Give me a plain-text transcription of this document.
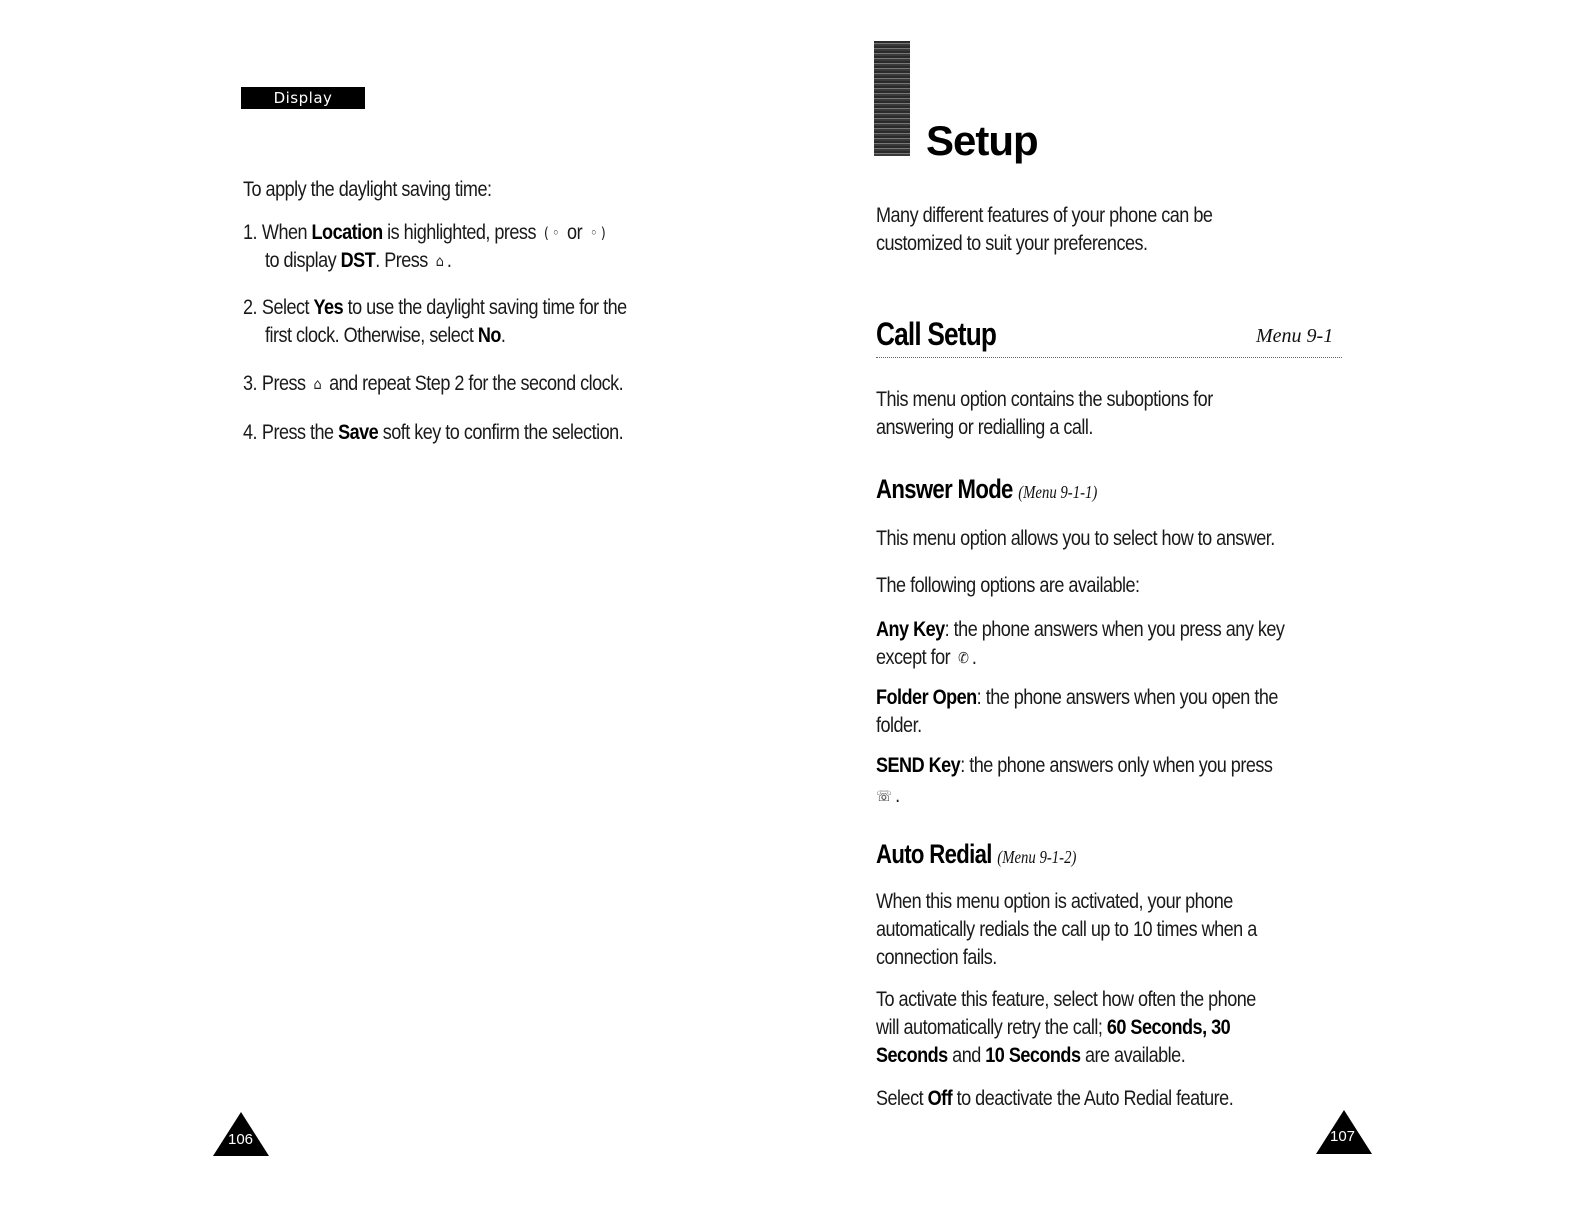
Display
To apply the daylight saving time:
1. When Location is highlighted, press ( ◦ or ◦ )
to display DST. Press ⌂ .
2. Select Yes to use the daylight saving time for the
first clock. Otherwise, select No.
3. Press ⌂ and repeat Step 2 for the second clock.
4. Press the Save soft key to confirm the selection.
106
Setup
Many different features of your phone can be
customized to suit your preferences.
Call Setup	Menu 9-1
This menu option contains the suboptions for
answering or redialling a call.
Answer Mode (Menu 9-1-1)
This menu option allows you to select how to answer.
The following options are available:
Any Key: the phone answers when you press any key
except for ✆ .
Folder Open: the phone answers when you open the
folder.
SEND Key: the phone answers only when you press
☏ .
Auto Redial (Menu 9-1-2)
When this menu option is activated, your phone
automatically redials the call up to 10 times when a
connection fails.
To activate this feature, select how often the phone
will automatically retry the call; 60 Seconds, 30
Seconds and 10 Seconds are available.
Select Off to deactivate the Auto Redial feature.
107
